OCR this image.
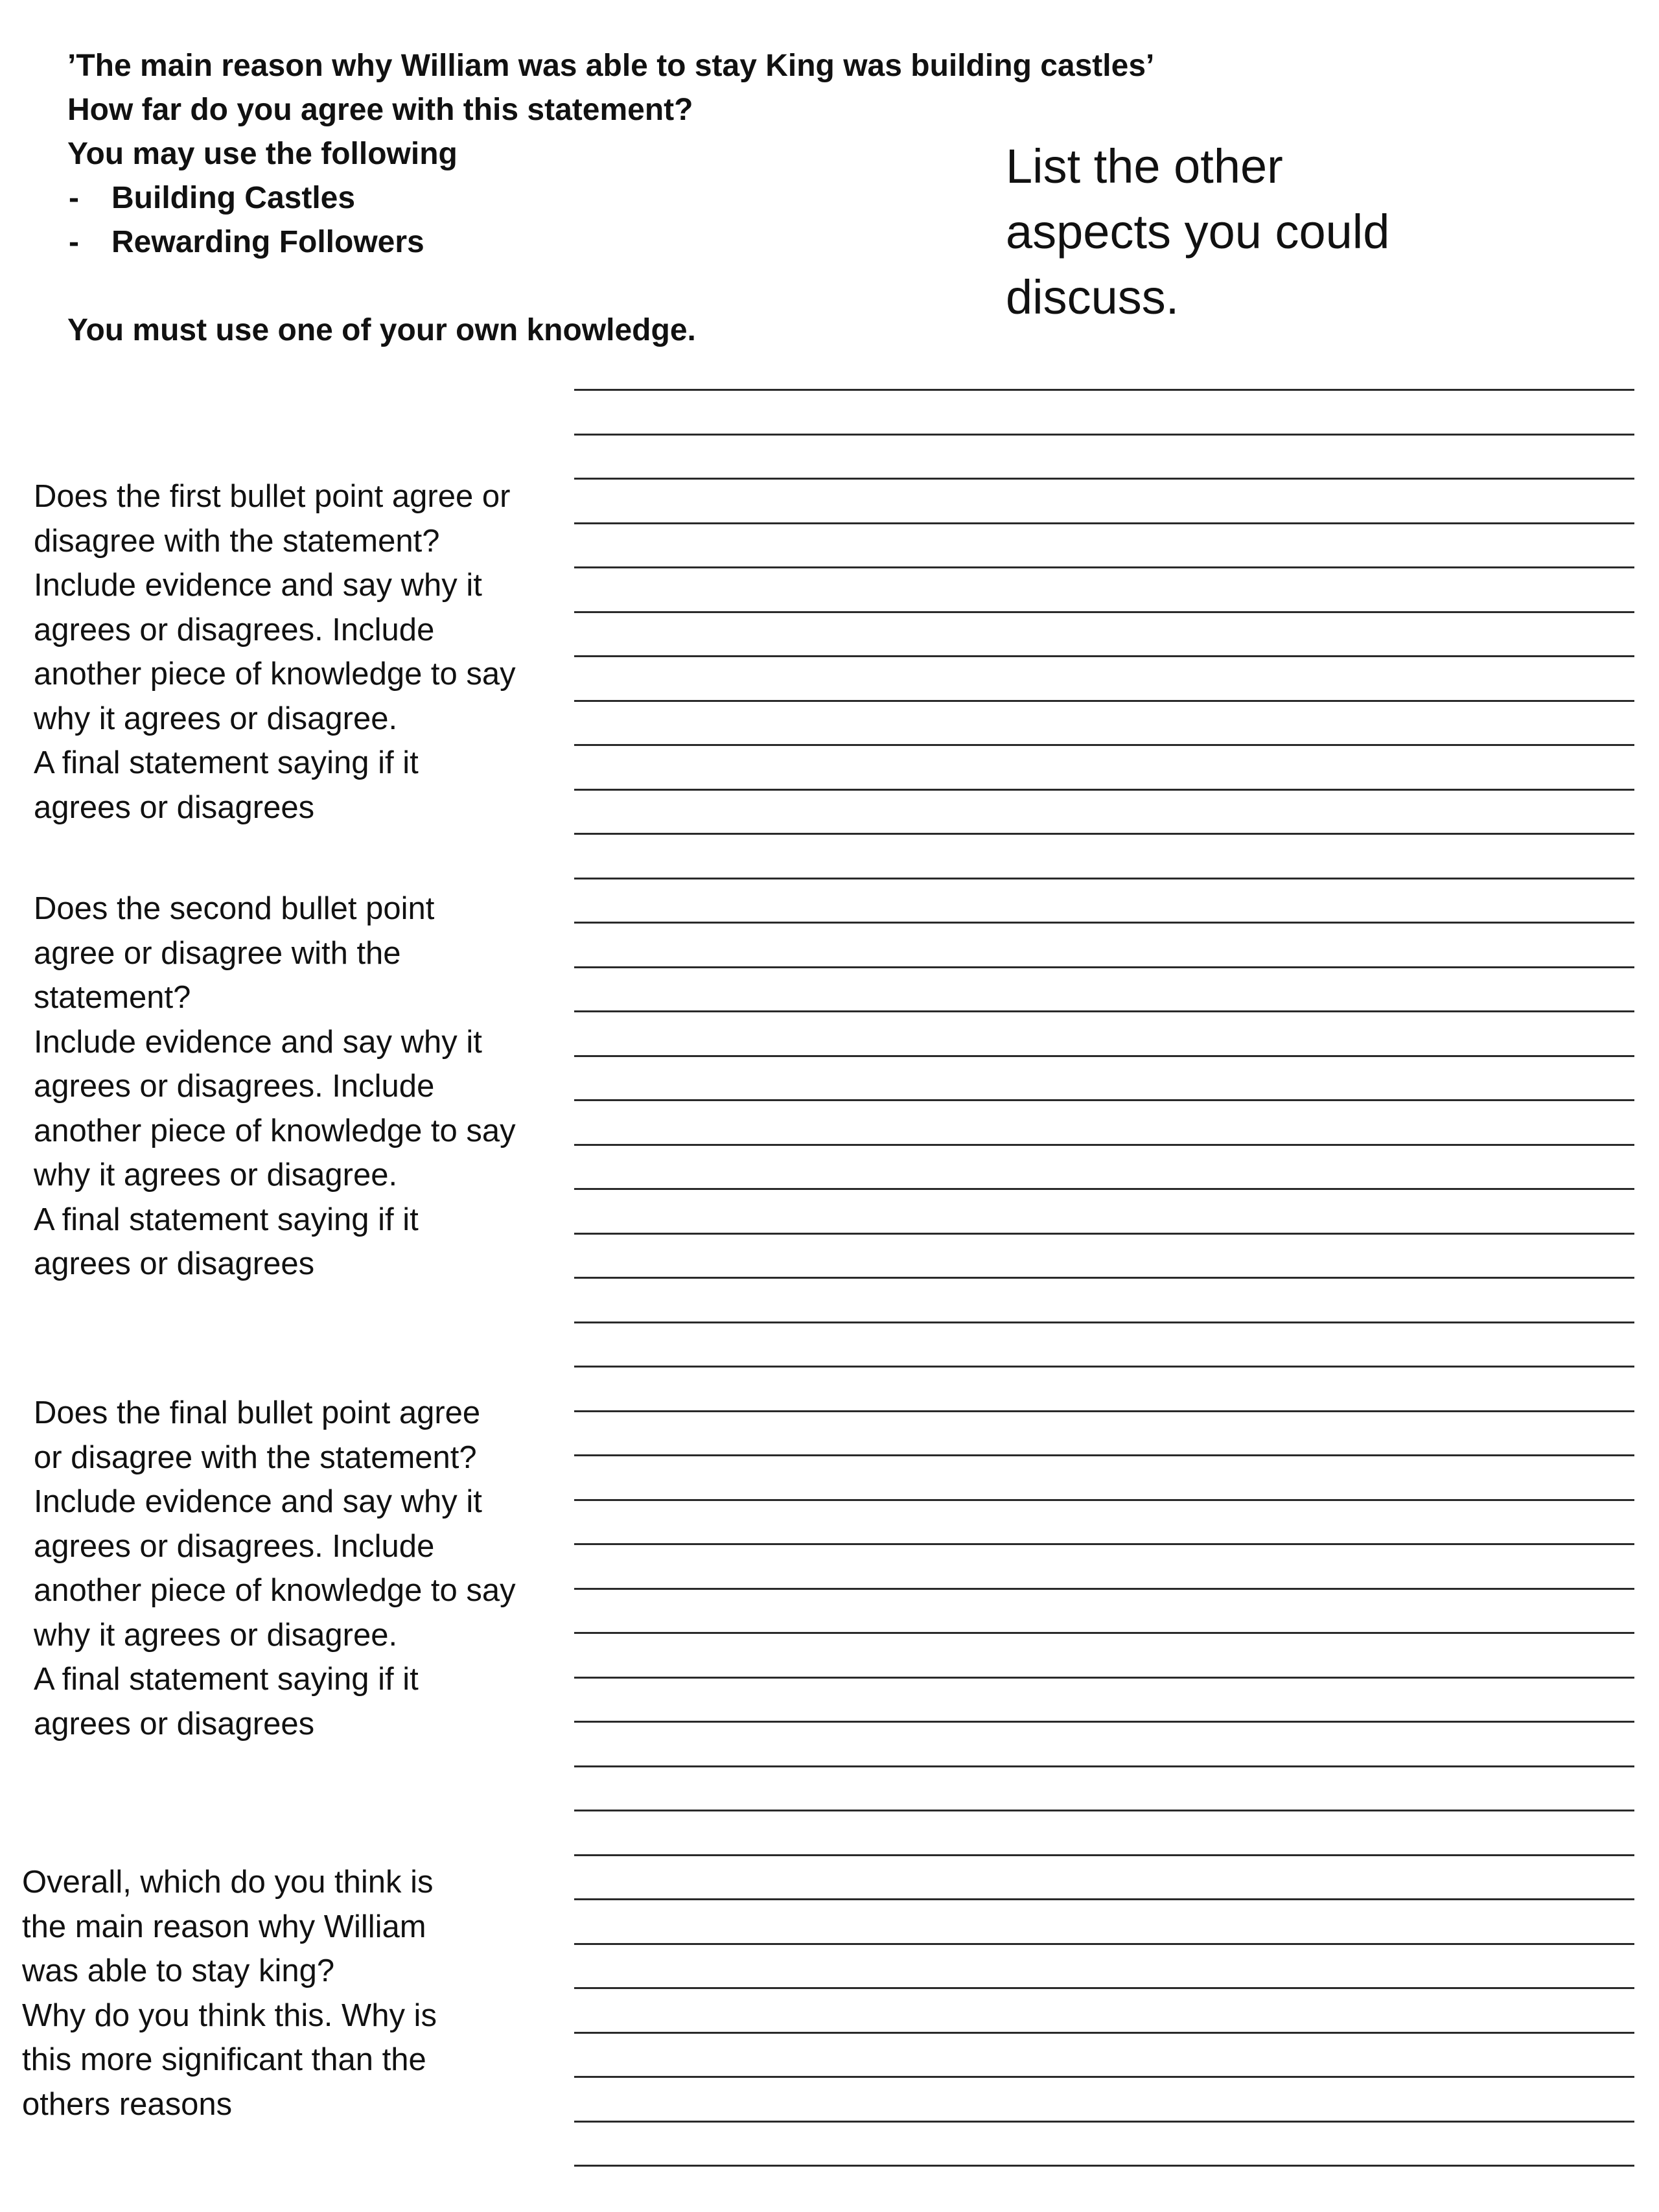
’The main reason why William was able to stay King was building castles’
How far do you agree with this statement?
You may use the following
- Building Castles
- Rewarding Followers
You must use one of your own knowledge.
List the other
aspects you could
discuss.
Does the first bullet point agree or
disagree with the statement?
Include evidence and say why it
agrees or disagrees. Include
another piece of knowledge to say
why it agrees or disagree.
A final statement saying if it
agrees or disagrees
Does the second bullet point
agree or disagree with the
statement?
Include evidence and say why it
agrees or disagrees. Include
another piece of knowledge to say
why it agrees or disagree.
A final statement saying if it
agrees or disagrees
Does the final bullet point agree
or disagree with the statement?
Include evidence and say why it
agrees or disagrees. Include
another piece of knowledge to say
why it agrees or disagree.
A final statement saying if it
agrees or disagrees
Overall, which do you think is
the main reason why William
was able to stay king?
Why do you think this. Why is
this more significant than the
others reasons
